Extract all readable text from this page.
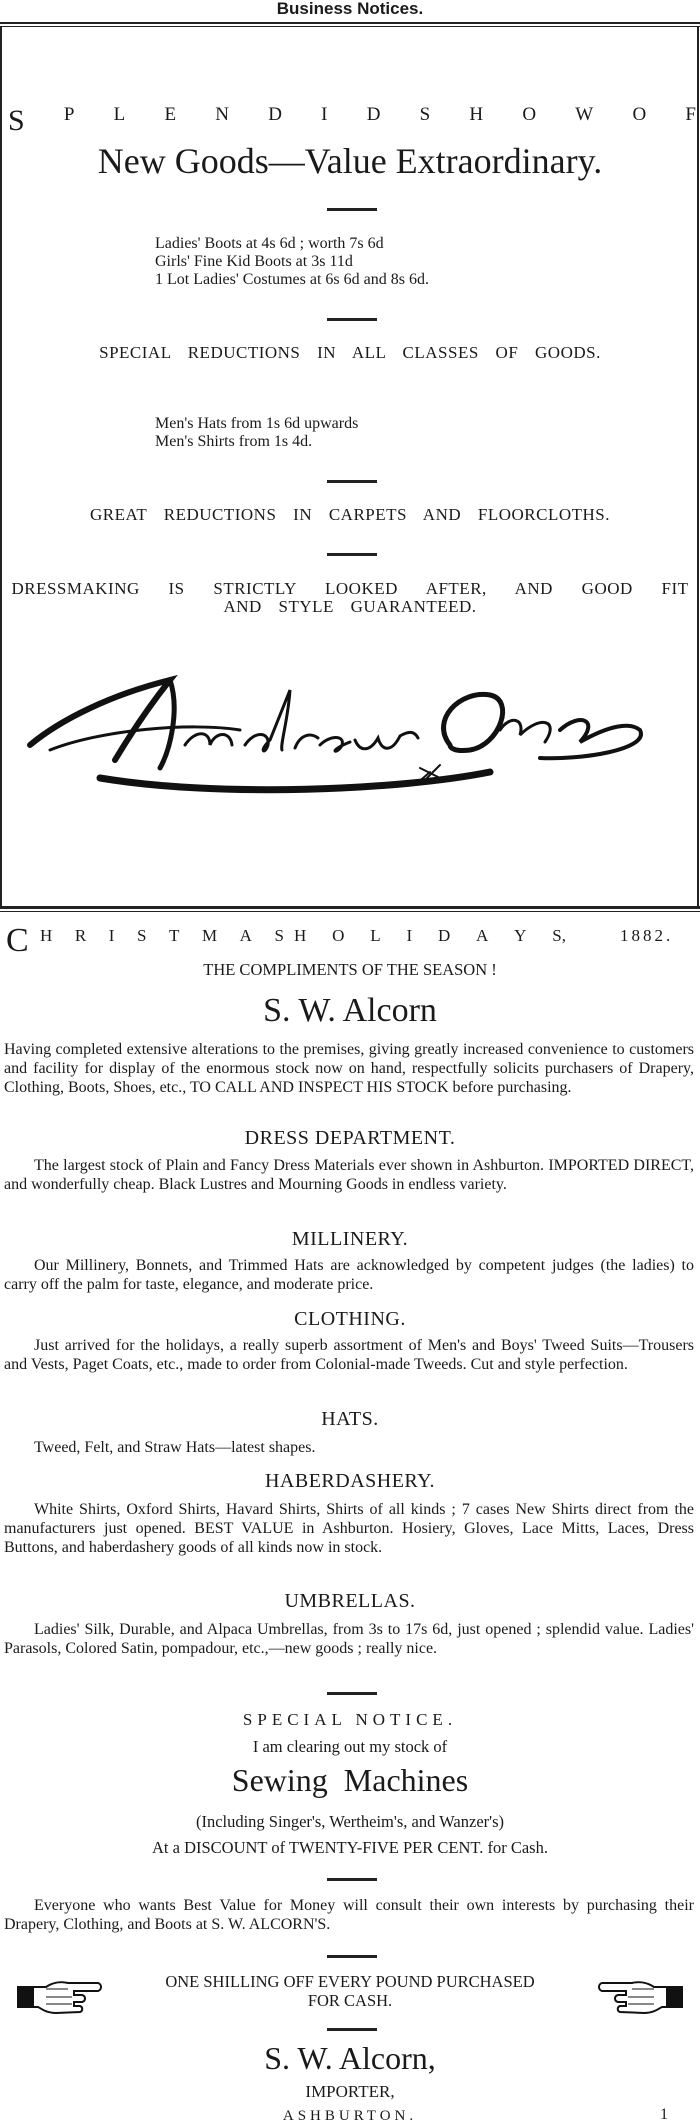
Business Notices.
S P L E N D I D S H O W O F
New Goods—Value Extraordinary.
Ladies' Boots at 4s 6d ; worth 7s 6d
Girls' Fine Kid Boots at 3s 11d
1 Lot Ladies' Costumes at 6s 6d and 8s 6d.
SPECIAL REDUCTIONS IN ALL CLASSES OF GOODS.
Men's Hats from 1s 6d upwards
Men's Shirts from 1s 4d.
GREAT REDUCTIONS IN CARPETS AND FLOORCLOTHS.
DRESSMAKING IS STRICTLY LOOKED AFTER, AND GOOD FIT
AND STYLE GUARANTEED.
C H R I S T M A S H O L I D A Y S,	1882.
THE COMPLIMENTS OF THE SEASON !
S. W. Alcorn
Having completed extensive alterations to the premises, giving greatly increased convenience to customers and facility for display of the enormous stock now on hand, respectfully solicits purchasers of Drapery, Clothing, Boots, Shoes, etc., TO CALL AND INSPECT HIS STOCK before purchasing.
DRESS DEPARTMENT.
The largest stock of Plain and Fancy Dress Materials ever shown in Ashburton. IMPORTED DIRECT, and wonderfully cheap. Black Lustres and Mourning Goods in endless variety.
MILLINERY.
Our Millinery, Bonnets, and Trimmed Hats are acknowledged by competent judges (the ladies) to carry off the palm for taste, elegance, and moderate price.
CLOTHING.
Just arrived for the holidays, a really superb assortment of Men's and Boys' Tweed Suits—Trousers and Vests, Paget Coats, etc., made to order from Colonial-made Tweeds. Cut and style perfection.
HATS.
Tweed, Felt, and Straw Hats—latest shapes.
HABERDASHERY.
White Shirts, Oxford Shirts, Havard Shirts, Shirts of all kinds ; 7 cases New Shirts direct from the manufacturers just opened. BEST VALUE in Ashburton. Hosiery, Gloves, Lace Mitts, Laces, Dress Buttons, and haberdashery goods of all kinds now in stock.
UMBRELLAS.
Ladies' Silk, Durable, and Alpaca Umbrellas, from 3s to 17s 6d, just opened ; splendid value. Ladies' Parasols, Colored Satin, pompadour, etc.,—new goods ; really nice.
SPECIAL NOTICE.
I am clearing out my stock of
Sewing  Machines
(Including Singer's, Wertheim's, and Wanzer's)
At a DISCOUNT of TWENTY-FIVE PER CENT. for Cash.
Everyone who wants Best Value for Money will consult their own interests by purchasing their Drapery, Clothing, and Boots at S. W. ALCORN'S.
ONE SHILLING OFF EVERY POUND PURCHASED
FOR CASH.
S. W. Alcorn,
IMPORTER,
ASHBURTON.	1
